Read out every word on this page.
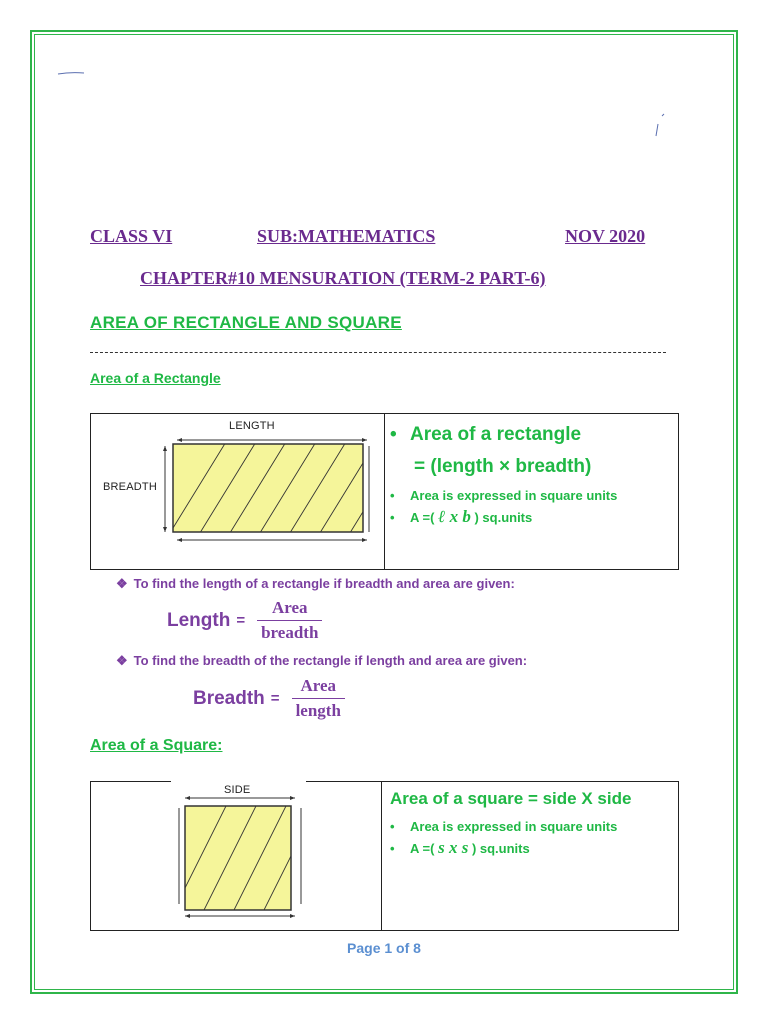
CLASS VI	SUB:MATHEMATICS	NOV 2020
CHAPTER#10 MENSURATION (TERM-2 PART-6)
AREA OF RECTANGLE AND SQUARE
Area of a Rectangle
LENGTH
BREADTH
• Area of a rectangle
= (length × breadth)
• Area is expressed in square units
• A =( ℓ x b ) sq.units
❖ To find the length of a rectangle if breadth and area are given:
Length = $\frac{\text{Area}}{\text{breadth}}$
❖ To find the breadth of the rectangle if length and area are given:
Breadth = $\frac{\text{Area}}{\text{length}}$
Area of a Square:
SIDE	Area of a square = side X side
• Area is expressed in square units
• A =( s x s ) sq.units
Page 1 of 8
